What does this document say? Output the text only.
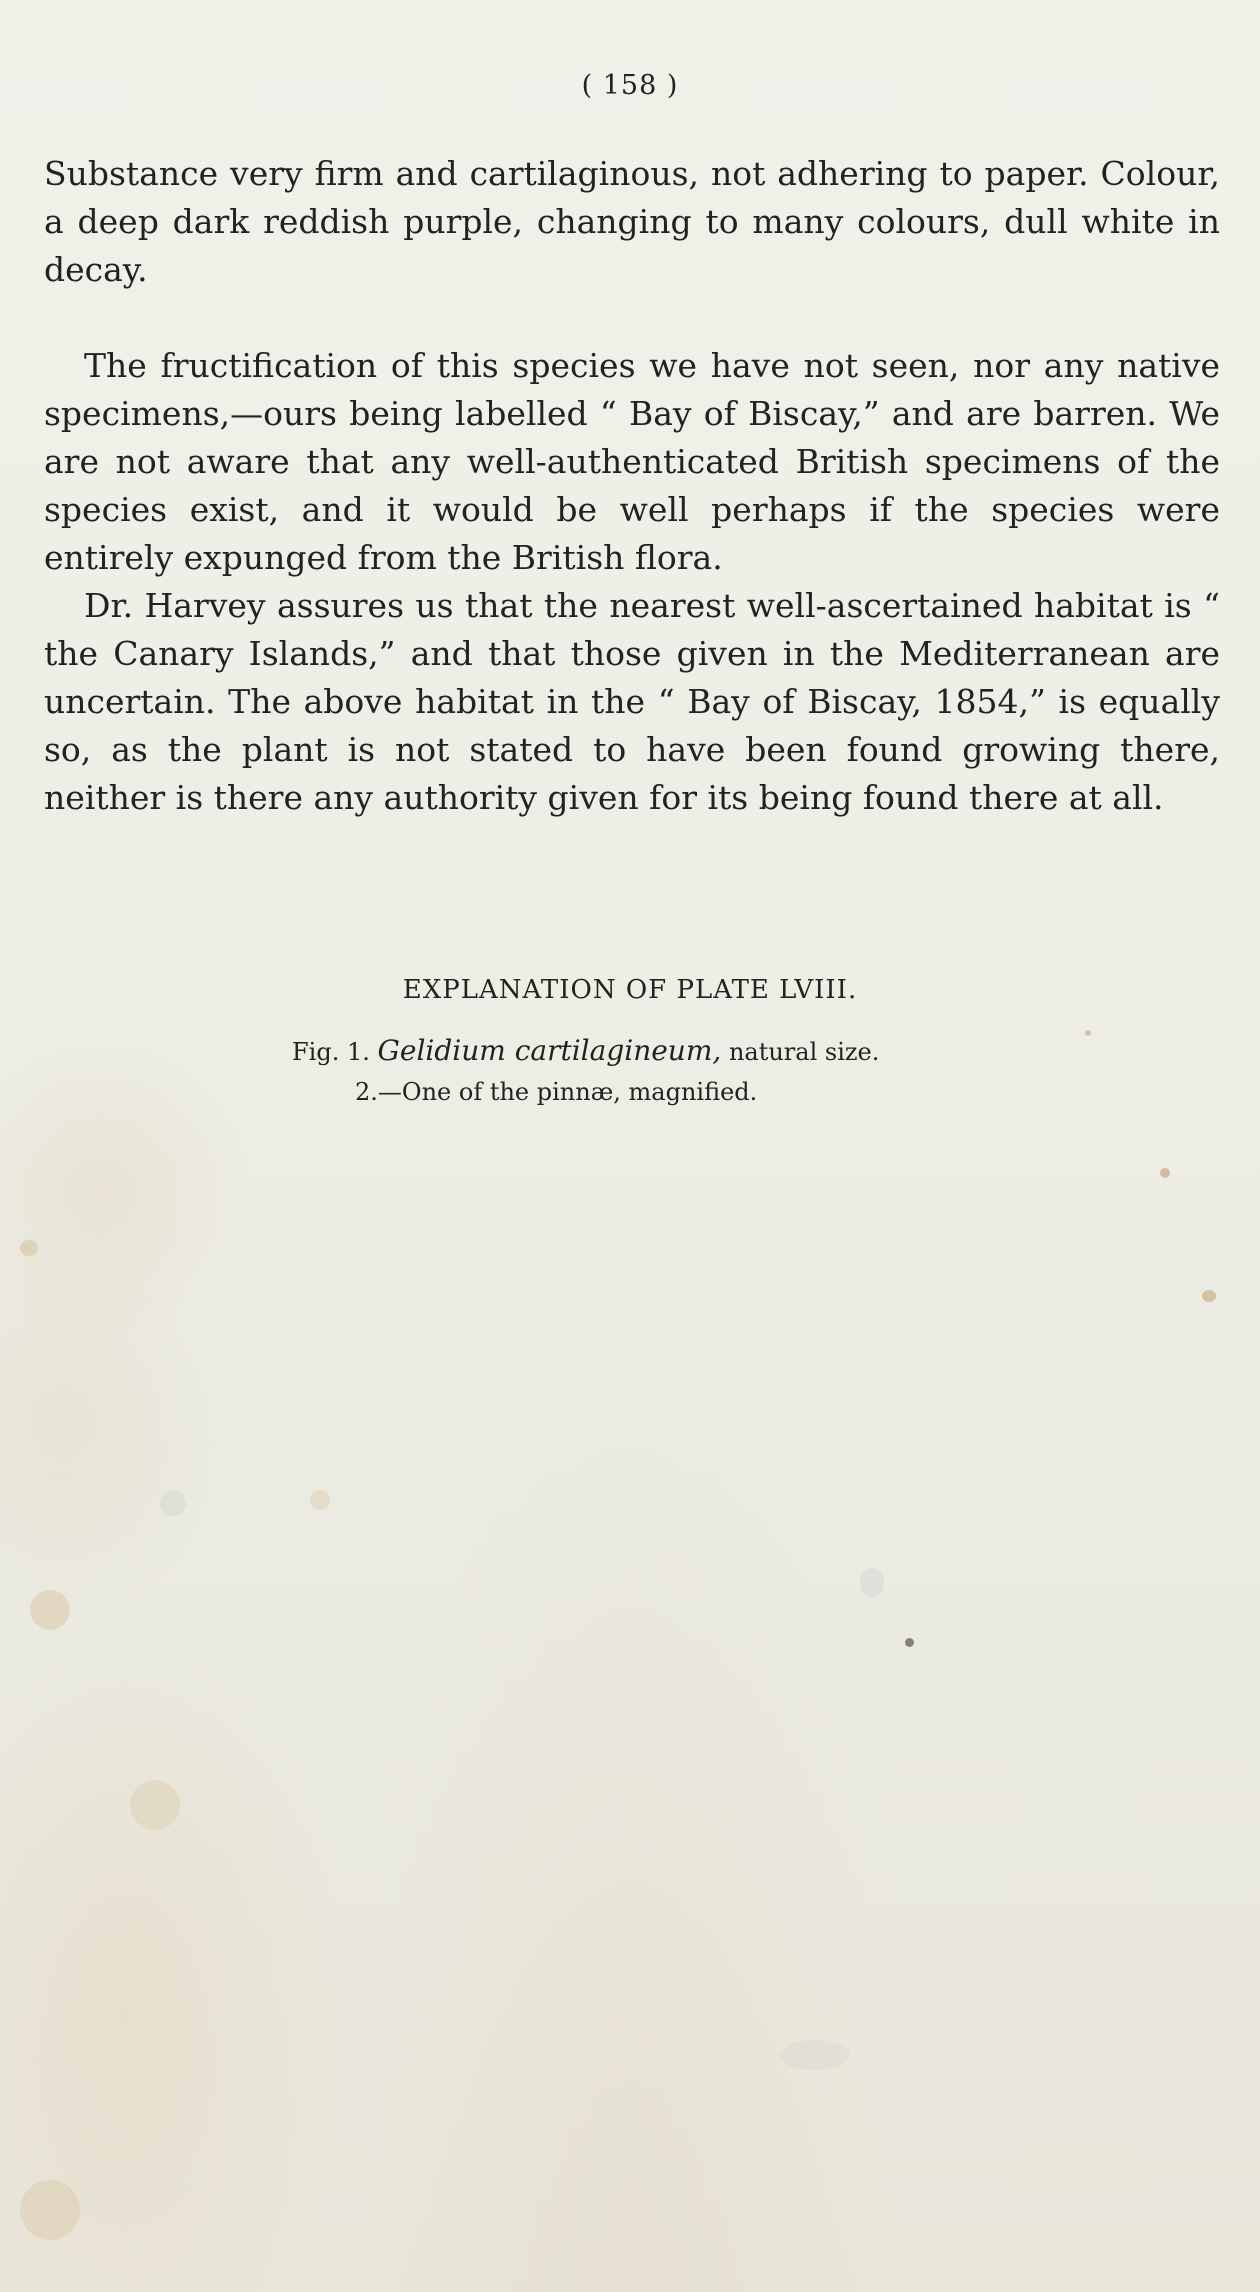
( 158 )

Substance very firm and cartilaginous, not adhering to paper. Colour, a deep dark reddish purple, changing to many colours, dull white in decay.

The fructification of this species we have not seen, nor any native specimens,—ours being labelled “ Bay of Biscay,” and are barren. We are not aware that any well-authenticated British specimens of the species exist, and it would be well perhaps if the species were entirely expunged from the British flora.

Dr. Harvey assures us that the nearest well-ascertained habitat is “ the Canary Islands,” and that those given in the Mediterranean are uncertain. The above habitat in the “ Bay of Biscay, 1854,” is equally so, as the plant is not stated to have been found growing there, neither is there any authority given for its being found there at all.

EXPLANATION OF PLATE LVIII.
Fig. 1. Gelidium cartilagineum, natural size.
2.—One of the pinnæ, magnified.
